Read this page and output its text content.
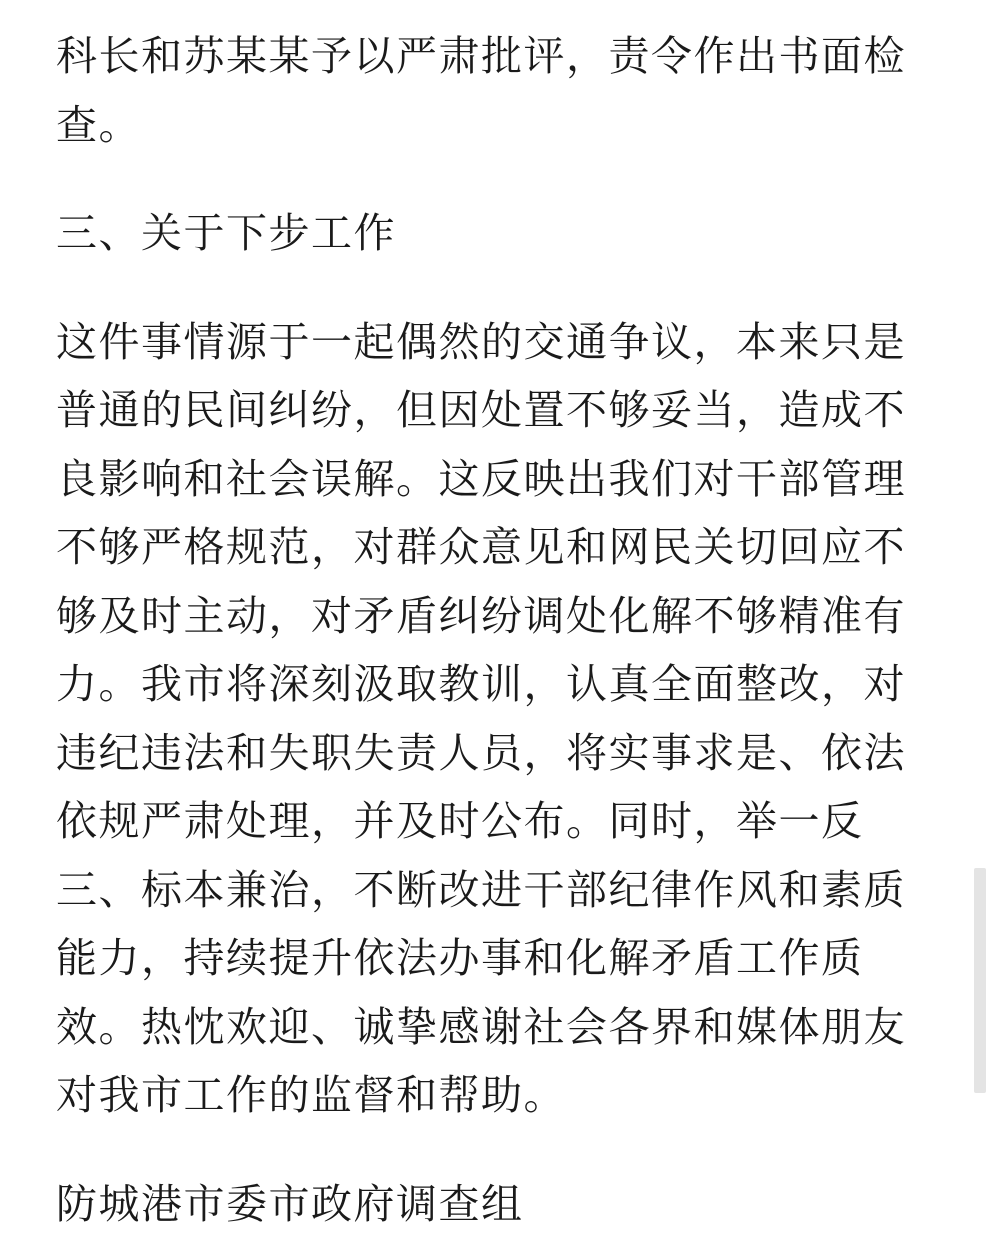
科长和苏某某予以严肃批评，责令作出书面检
查。

三、关于下步工作

这件事情源于一起偶然的交通争议，本来只是
普通的民间纠纷，但因处置不够妥当，造成不
良影响和社会误解。这反映出我们对干部管理
不够严格规范，对群众意见和网民关切回应不
够及时主动，对矛盾纠纷调处化解不够精准有
力。我市将深刻汲取教训，认真全面整改，对
违纪违法和失职失责人员，将实事求是、依法
依规严肃处理，并及时公布。同时，举一反
三、标本兼治，不断改进干部纪律作风和素质
能力，持续提升依法办事和化解矛盾工作质
效。热忱欢迎、诚挚感谢社会各界和媒体朋友
对我市工作的监督和帮助。

防城港市委市政府调查组
